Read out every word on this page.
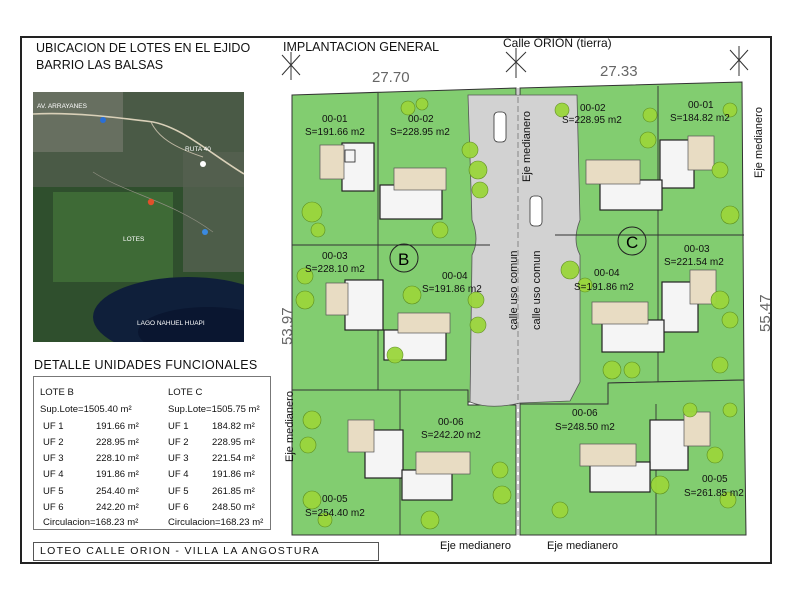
UBICACION DE LOTES EN EL EJIDO
BARRIO LAS BALSAS
IMPLANTACION GENERAL	Calle ORION (tierra)
AV. ARRAYANES
RUTA 40
LOTES
LAGO NAHUEL HUAPI
DETALLE UNIDADES FUNCIONALES
LOTE B	LOTE C
Sup.Lote=1505.40 m²	Sup.Lote=1505.75 m²
UF 1	191.66 m²	UF 1 184.82 m²
UF 2	228.95 m²	UF 2 228.95 m²
UF 3	228.10 m²	UF 3 221.54 m²
UF 4	191.86 m²	UF 4 191.86 m²
UF 5	254.40 m²	UF 5 261.85 m²
UF 6	242.20 m²	UF 6 248.50 m²
Circulacion=168.23 m²	Circulacion=168.23 m²
LOTEO CALLE ORION - VILLA LA ANGOSTURA
B
C
27.70	27.33
53.97	55.47
calle uso comun calle uso comun
Eje medianero	Eje medianero
Eje medianero
Eje medianero	Eje medianero
00-01
S=191.66 m2
00-02
S=228.95 m2
00-03
S=228.10 m2
00-04
S=191.86 m2
00-05
S=254.40 m2
00-06
S=242.20 m2
00-01
S=184.82 m2
00-02
S=228.95 m2
00-03
S=221.54 m2
00-04
S=191.86 m2
00-05
S=261.85 m2
00-06
S=248.50 m2
